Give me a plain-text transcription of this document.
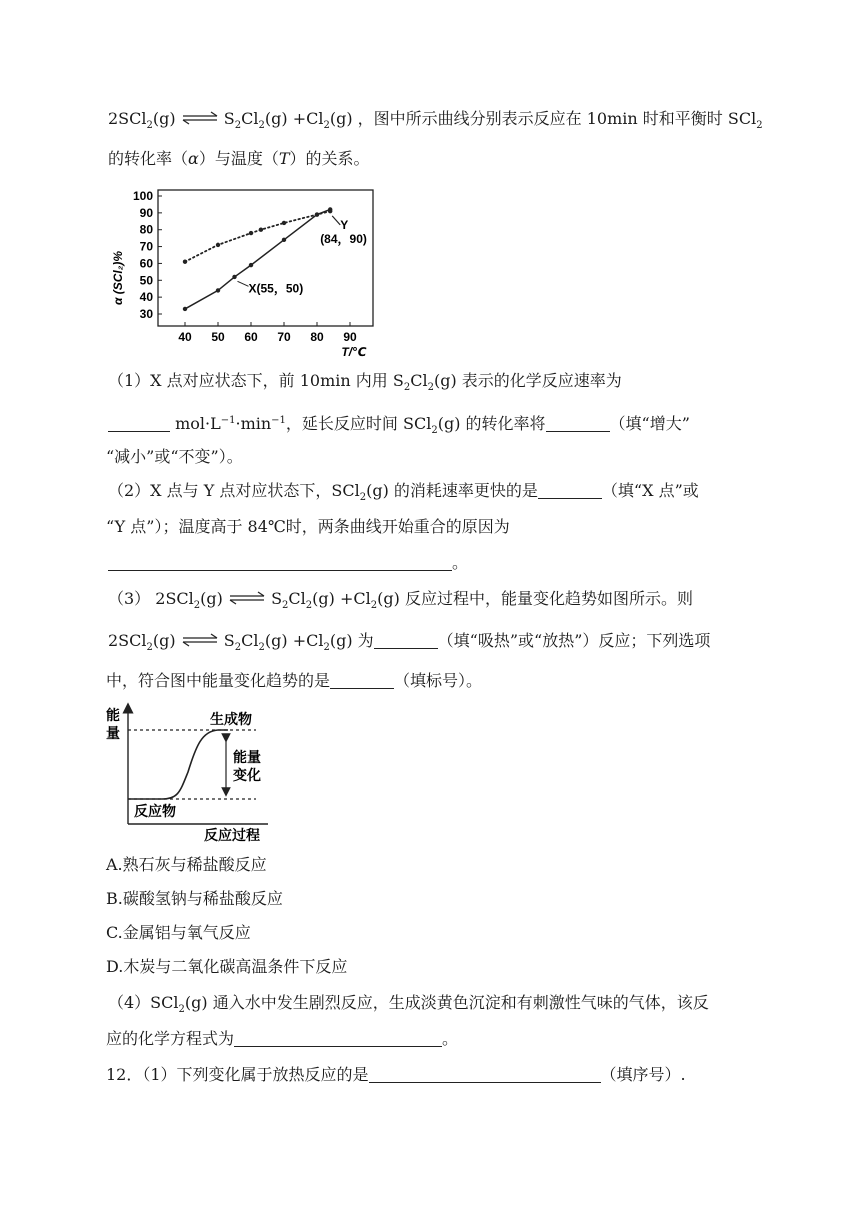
2SCl$_2$(g) ⇌ $S_2Cl_2(g) +Cl_2(g)$ ，图中所示曲线分别表示反应在 10min 时和平衡时 SCl$_2$
的转化率（α）与温度（T）的关系。
40 50 60 70 80 90
30
40
50
60
70
80
90
100
X(55，50)
Y
(84，90)
α (SCl₂)%
T/℃
（1）X 点对应状态下，前 10min 内用 $S_2Cl_2(g)$ 表示的化学反应速率为
$mol\cdot L^{-1}\cdot\min^{-1}$，延长反应时间 SCl$_2$(g) 的转化率将	（填“增大”
“减小”或“不变”）。
（2）X 点与 Y 点对应状态下，SCl$_2$(g) 的消耗速率更快的是	（填“X 点”或
“Y 点”）；温度高于 84℃时，两条曲线开始重合的原因为
。
（3） 2SCl$_2$(g) ⇌ $S_2Cl_2(g) +Cl_2(g)$ 反应过程中，能量变化趋势如图所示。则
2SCl$_2$(g) ⇌ $S_2Cl_2(g) +Cl_2(g)$ 为	（填“吸热”或“放热”）反应；下列选项
中，符合图中能量变化趋势的是	（填标号）。
能
量
生成物
反应物
能量
变化
反应过程
A.熟石灰与稀盐酸反应
B.碳酸氢钠与稀盐酸反应
C.金属铝与氧气反应
D.木炭与二氧化碳高温条件下反应
（4）SCl$_2$(g) 通入水中发生剧烈反应，生成淡黄色沉淀和有刺激性气味的气体，该反
应的化学方程式为	。
12．（1）下列变化属于放热反应的是	（填序号）.
